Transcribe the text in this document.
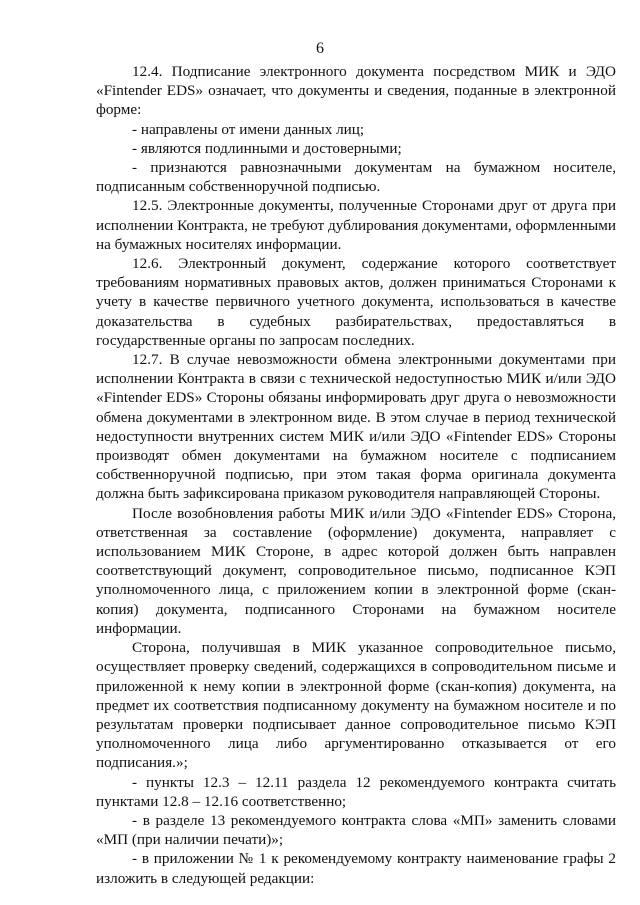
6

12.4. Подписание электронного документа посредством МИК и ЭДО «Fintender EDS» означает, что документы и сведения, поданные в электронной форме:

- направлены от имени данных лиц;

- являются подлинными и достоверными;

- признаются равнозначными документам на бумажном носителе, подписанным собственноручной подписью.

12.5. Электронные документы, полученные Сторонами друг от друга при исполнении Контракта, не требуют дублирования документами, оформленными на бумажных носителях информации.

12.6. Электронный документ, содержание которого соответствует требованиям нормативных правовых актов, должен приниматься Сторонами к учету в качестве первичного учетного документа, использоваться в качестве доказательства в судебных разбирательствах, предоставляться в государственные органы по запросам последних.

12.7. В случае невозможности обмена электронными документами при исполнении Контракта в связи с технической недоступностью МИК и/или ЭДО «Fintender EDS» Стороны обязаны информировать друг друга о невозможности обмена документами в электронном виде. В этом случае в период технической недоступности внутренних систем МИК и/или ЭДО «Fintender EDS» Стороны производят обмен документами на бумажном носителе с подписанием собственноручной подписью, при этом такая форма оригинала документа должна быть зафиксирована приказом руководителя направляющей Стороны.

После возобновления работы МИК и/или ЭДО «Fintender EDS» Сторона, ответственная за составление (оформление) документа, направляет с использованием МИК Стороне, в адрес которой должен быть направлен соответствующий документ, сопроводительное письмо, подписанное КЭП уполномоченного лица, с приложением копии в электронной форме (скан-копия) документа, подписанного Сторонами на бумажном носителе информации.

Сторона, получившая в МИК указанное сопроводительное письмо, осуществляет проверку сведений, содержащихся в сопроводительном письме и приложенной к нему копии в электронной форме (скан-копия) документа, на предмет их соответствия подписанному документу на бумажном носителе и по результатам проверки подписывает данное сопроводительное письмо КЭП уполномоченного лица либо аргументированно отказывается от его подписания.»;

- пункты 12.3 – 12.11 раздела 12 рекомендуемого контракта считать пунктами 12.8 – 12.16 соответственно;

- в разделе 13 рекомендуемого контракта слова «МП» заменить словами «МП (при наличии печати)»;

- в приложении № 1 к рекомендуемому контракту наименование графы 2 изложить в следующей редакции:
